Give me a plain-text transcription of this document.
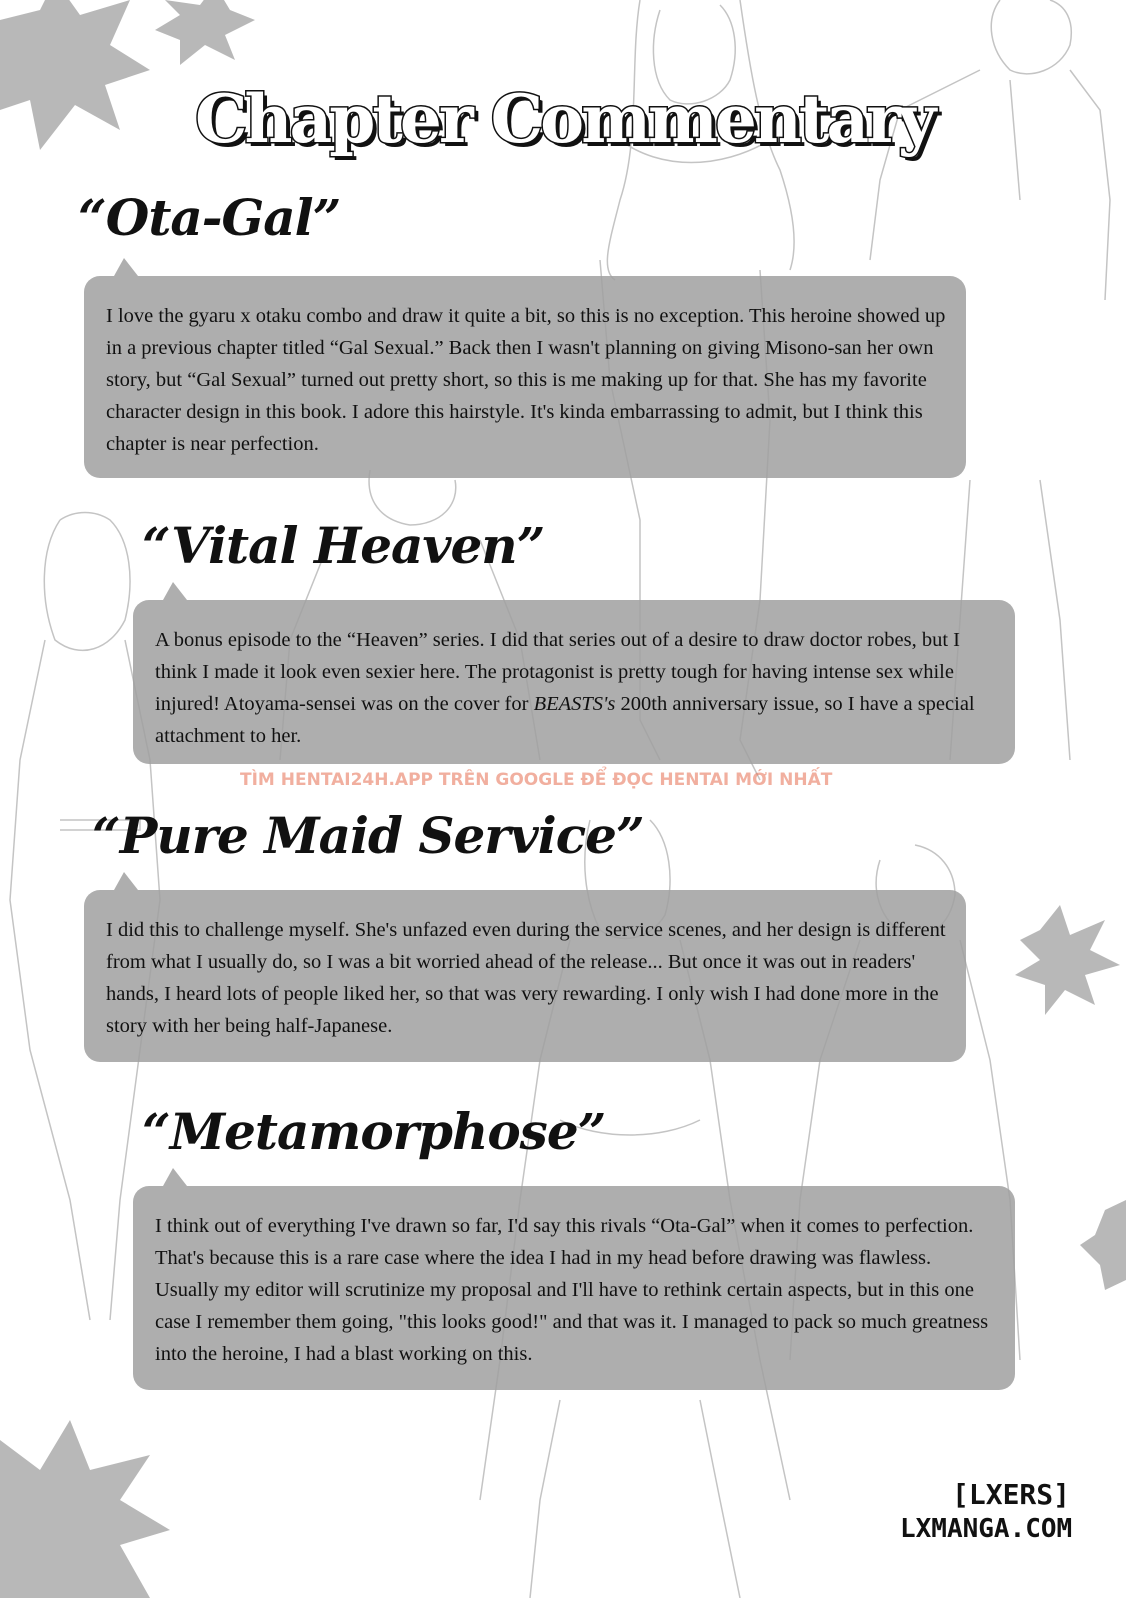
Chapter Commentary
“Ota-Gal”

I love the gyaru x otaku combo and draw it quite a bit, so this is no exception. This heroine showed up in a previous chapter titled “Gal Sexual.” Back then I wasn't planning on giving Misono-san her own story, but “Gal Sexual” turned out pretty short, so this is me making up for that. She has my favorite character design in this book. I adore this hairstyle. It's kinda embarrassing to admit, but I think this chapter is near perfection.

“Vital Heaven”

A bonus episode to the “Heaven” series. I did that series out of a desire to draw doctor robes, but I think I made it look even sexier here. The protagonist is pretty tough for having intense sex while injured! Atoyama-sensei was on the cover for BEASTS's 200th anniversary issue, so I have a special attachment to her.

TÌM HENTAI24H.APP TRÊN GOOGLE ĐỂ ĐỌC HENTAI MỚI NHẤT
“Pure Maid Service”

I did this to challenge myself. She's unfazed even during the service scenes, and her design is different from what I usually do, so I was a bit worried ahead of the release... But once it was out in readers' hands, I heard lots of people liked her, so that was very rewarding. I only wish I had done more in the story with her being half-Japanese.

“Metamorphose”

I think out of everything I've drawn so far, I'd say this rivals “Ota-Gal” when it comes to perfection. That's because this is a rare case where the idea I had in my head before drawing was flawless. Usually my editor will scrutinize my proposal and I'll have to rethink certain aspects, but in this one case I remember them going, "this looks good!" and that was it. I managed to pack so much greatness into the heroine, I had a blast working on this.

[LXERS]
LXMANGA.COM
